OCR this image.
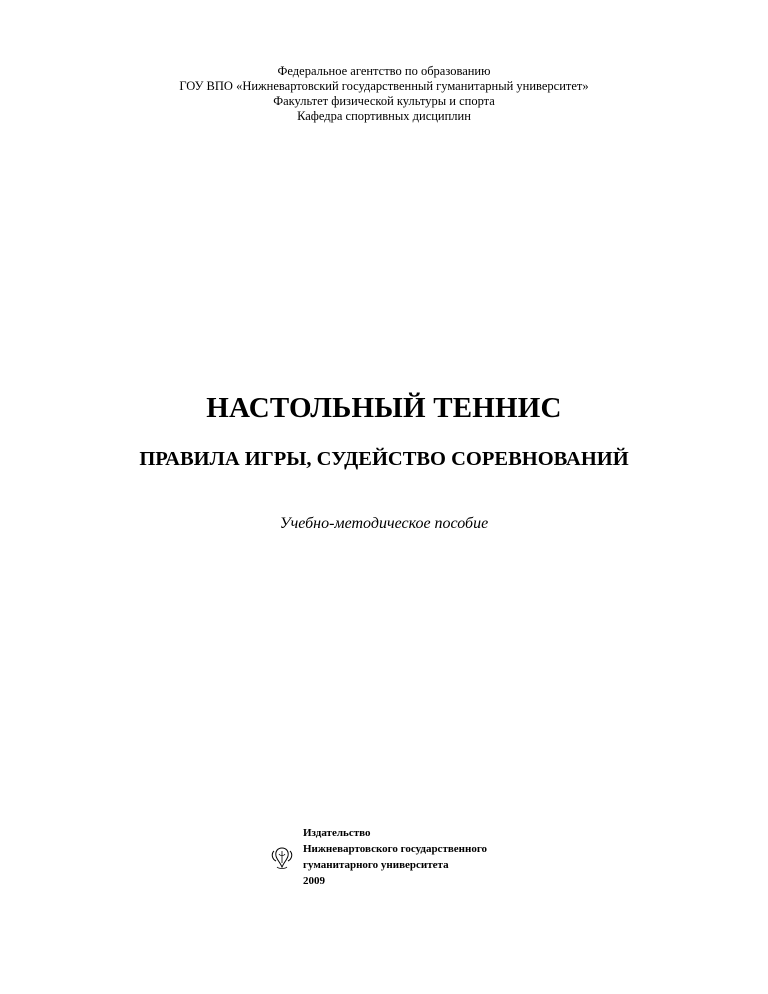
Федеральное агентство по образованию
ГОУ ВПО «Нижневартовский государственный гуманитарный университет»
Факультет физической культуры и спорта
Кафедра спортивных дисциплин
НАСТОЛЬНЫЙ ТЕННИС
ПРАВИЛА ИГРЫ, СУДЕЙСТВО СОРЕВНОВАНИЙ
Учебно-методическое пособие
Издательство
Нижневартовского государственного
гуманитарного университета
2009
